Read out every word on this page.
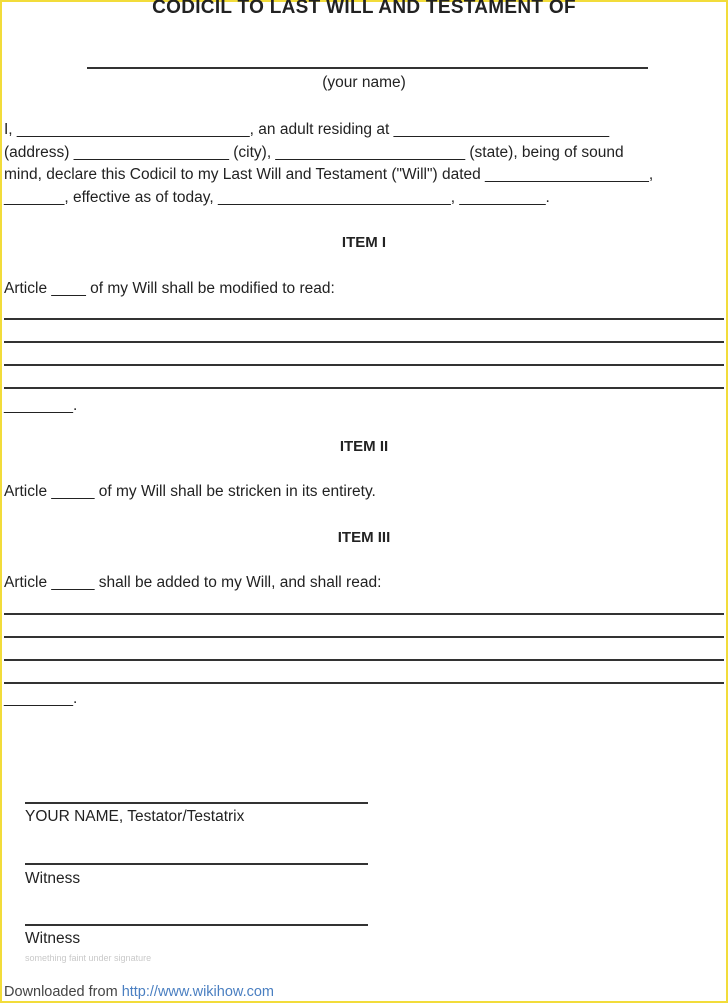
CODICIL TO LAST WILL AND TESTAMENT OF
(your name)
I, ___________________________, an adult residing at _________________________
(address) __________________ (city), ______________________ (state), being of sound
mind, declare this Codicil to my Last Will and Testament ("Will") dated ___________________,
_______, effective as of today, ___________________________, __________.
ITEM I
Article ____ of my Will shall be modified to read:
________.
ITEM II
Article _____ of my Will shall be stricken in its entirety.
ITEM III
Article _____ shall be added to my Will, and shall read:
________.
YOUR NAME, Testator/Testatrix
Witness
Witness
something faint under signature
Downloaded from http://www.wikihow.com
